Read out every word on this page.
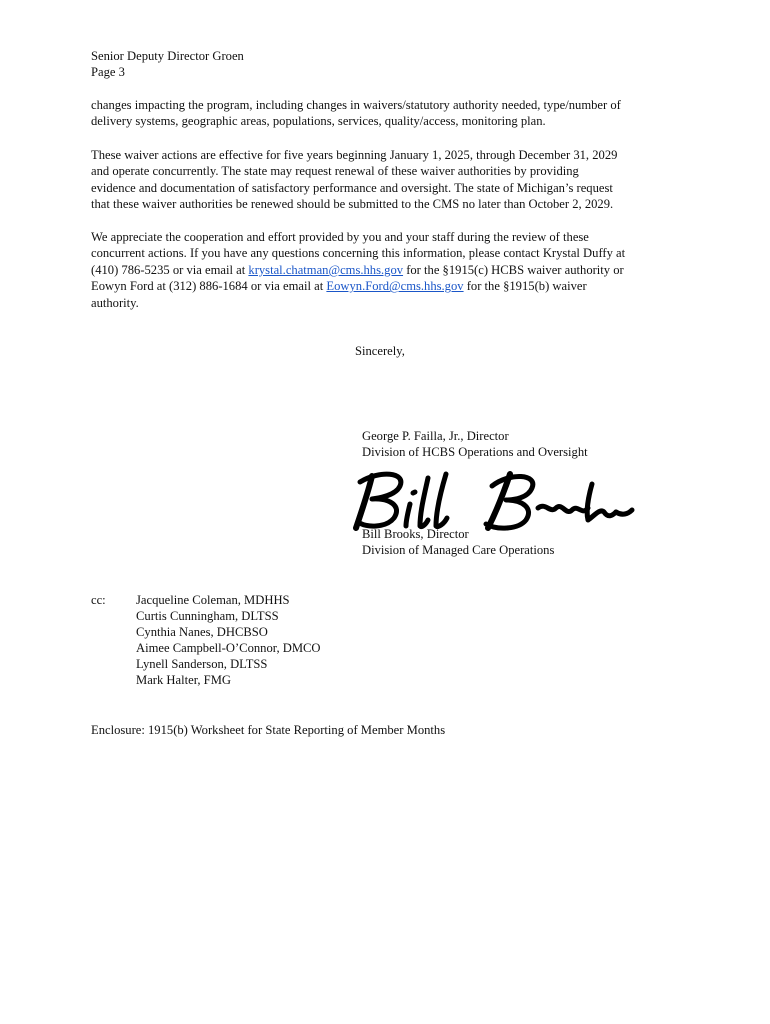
Senior Deputy Director Groen
Page 3
changes impacting the program, including changes in waivers/statutory authority needed, type/number of
delivery systems, geographic areas, populations, services, quality/access, monitoring plan.
These waiver actions are effective for five years beginning January 1, 2025, through December 31, 2029
and operate concurrently. The state may request renewal of these waiver authorities by providing
evidence and documentation of satisfactory performance and oversight. The state of Michigan’s request
that these waiver authorities be renewed should be submitted to the CMS no later than October 2, 2029.
We appreciate the cooperation and effort provided by you and your staff during the review of these
concurrent actions. If you have any questions concerning this information, please contact Krystal Duffy at
(410) 786-5235 or via email at krystal.chatman@cms.hhs.gov for the §1915(c) HCBS waiver authority or
Eowyn Ford at (312) 886-1684 or via email at Eowyn.Ford@cms.hhs.gov for the §1915(b) waiver
authority.
Sincerely,
George P. Failla, Jr., Director
Division of HCBS Operations and Oversight
Bill Brooks, Director
Division of Managed Care Operations
cc: Jacqueline Coleman, MDHHS
Curtis Cunningham, DLTSS
Cynthia Nanes, DHCBSO
Aimee Campbell-O’Connor, DMCO
Lynell Sanderson, DLTSS
Mark Halter, FMG
Enclosure: 1915(b) Worksheet for State Reporting of Member Months
